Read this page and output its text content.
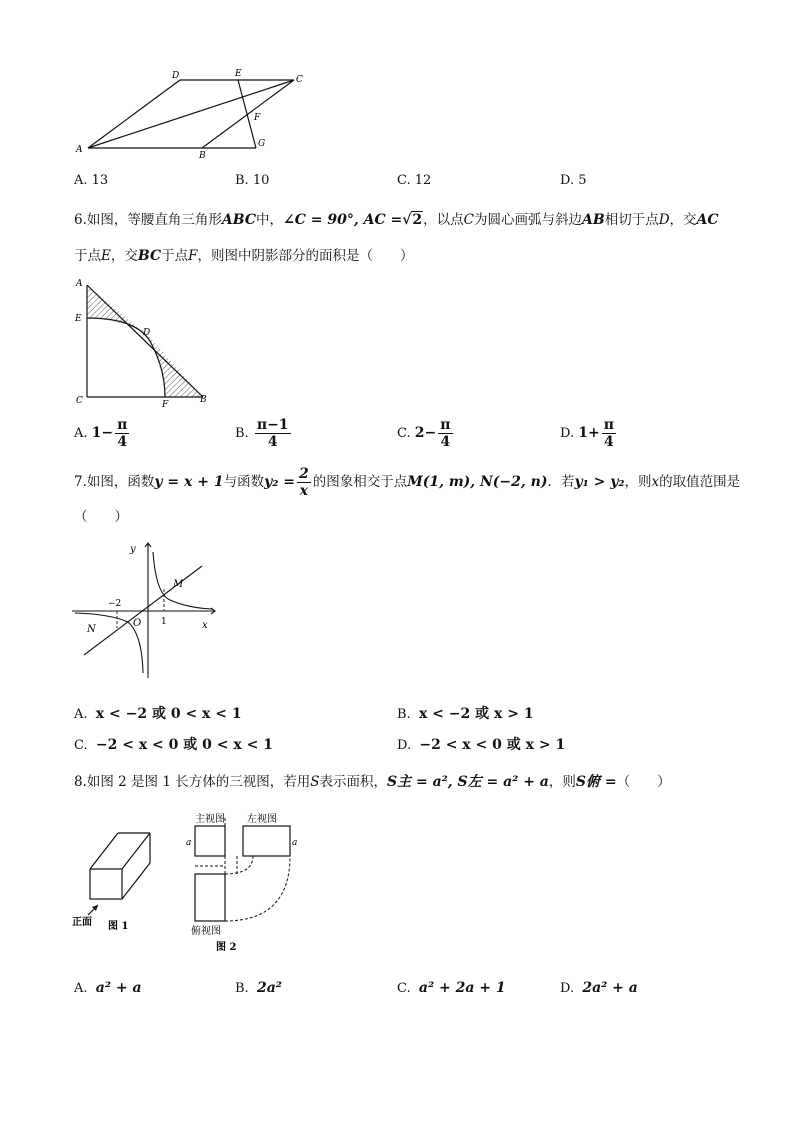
A
D	E
C
F
B
G
A. 13	B. 10	C. 12	D. 5
6.如图，等腰直角三角形ABC中，∠C = 90°, AC =√2，以点C为圆心画弧与斜边AB相切于点D，交AC
于点E，交BC于点F，则图中阴影部分的面积是（　　）
A
E
D
C	F	B
A. $1- \frac{\pi}{4}$	B. $\frac{\pi-1}{4}$	C. $2- \frac{\pi}{4}$	D. $1+ \frac{\pi}{4}$
7.如图，函数y = x + 1与函数$y_2 = \frac{2}{x}$ 的图象相交于点M(1, m), N(−2, n)．若y₁ > y₂，则x的取值范围是
（　　）
y
x
O
M
N
−2
1
A. x < −2 或 0 < x < 1	B. x < −2 或 x > 1
C. −2 < x < 0 或 0 < x < 1	D. −2 < x < 0 或 x > 1
8.如图 2 是图 1 长方体的三视图，若用S表示面积，S主 = a², S左 = a² + a，则S俯 =（　　）
正面 图 1
主视图 左视图
俯视图
图 2
a	a
A. a² + a	B. 2a²	C. a² + 2a + 1	D. 2a² + a
